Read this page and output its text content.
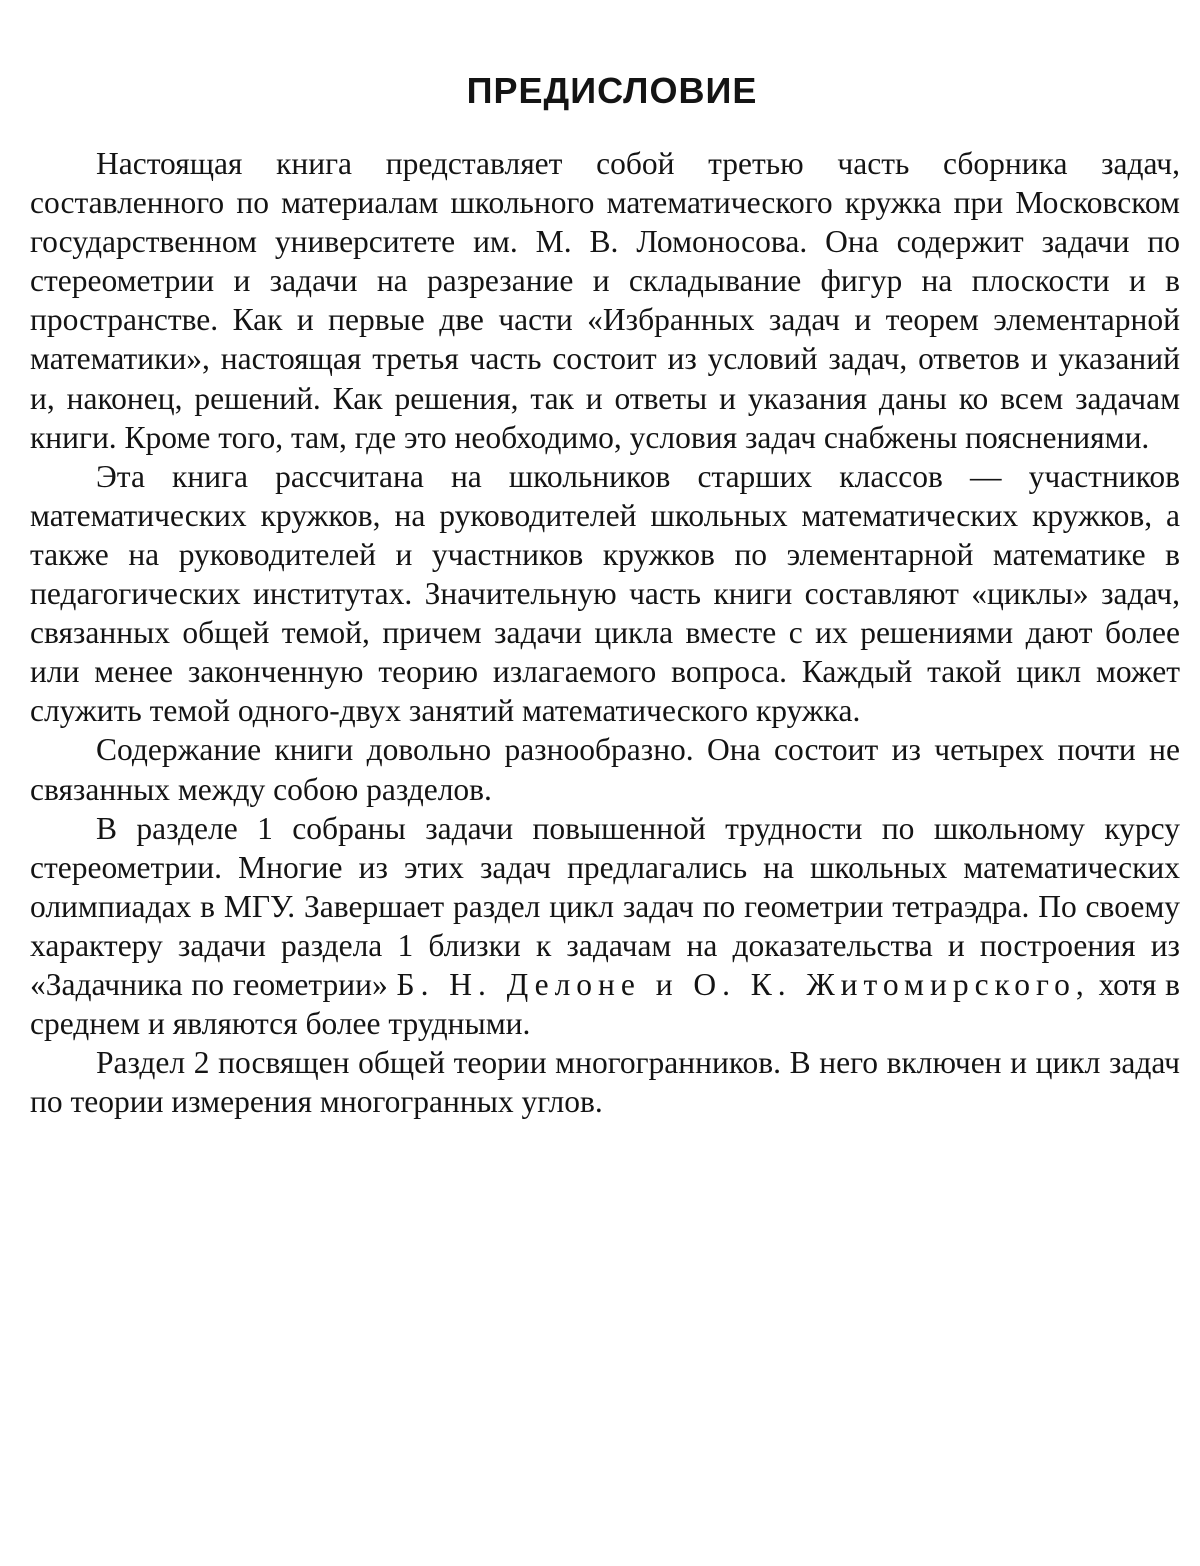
ПРЕДИСЛОВИЕ

Настоящая книга представляет собой третью часть сборника задач, составленного по материалам школьного математического кружка при Московском государственном университете им. М. В. Ломоносова. Она содержит задачи по стереометрии и задачи на разрезание и складывание фигур на плоскости и в пространстве. Как и первые две части «Избранных задач и теорем элементарной математики», настоящая третья часть состоит из условий задач, ответов и указаний и, наконец, решений. Как решения, так и ответы и указания даны ко всем задачам книги. Кроме того, там, где это необходимо, условия задач снабжены пояснениями.

Эта книга рассчитана на школьников старших классов — участников математических кружков, на руководителей школьных математических кружков, а также на руководителей и участников кружков по элементарной математике в педагогических институтах. Значительную часть книги составляют «циклы» задач, связанных общей темой, причем задачи цикла вместе с их решениями дают более или менее законченную теорию излагаемого вопроса. Каждый такой цикл может служить темой одного-двух занятий математического кружка.

Содержание книги довольно разнообразно. Она состоит из четырех почти не связанных между собою разделов.

В разделе 1 собраны задачи повышенной трудности по школьному курсу стереометрии. Многие из этих задач предлагались на школьных математических олимпиадах в МГУ. Завершает раздел цикл задач по геометрии тетраэдра. По своему характеру задачи раздела 1 близки к задачам на доказательства и построения из «Задачника по геометрии» Б. Н. Делоне и О. К. Житомирского, хотя в среднем и являются более трудными.

Раздел 2 посвящен общей теории многогранников. В него включен и цикл задач по теории измерения многогранных углов.
